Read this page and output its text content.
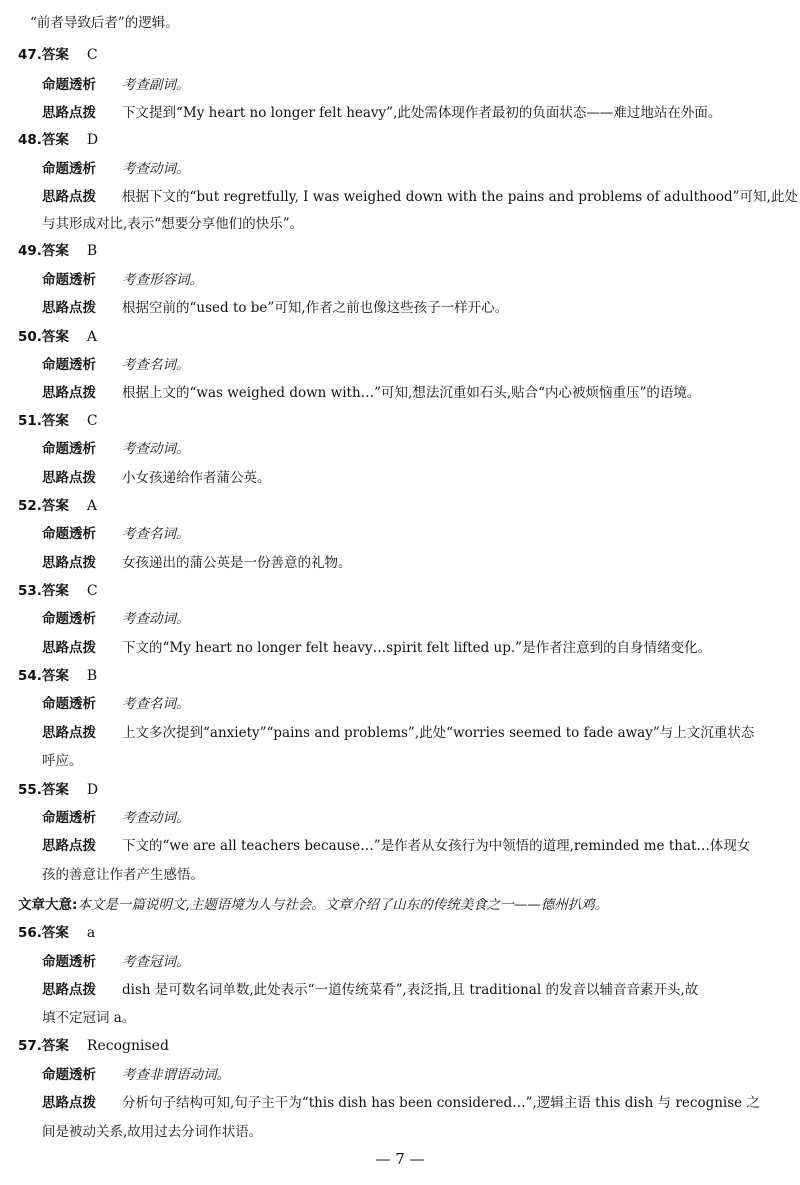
“前者导致后者”的逻辑。
47.答案 C
命题透析 考查副词。
思路点拨 下文提到“My heart no longer felt heavy”,此处需体现作者最初的负面状态——难过地站在外面。
48.答案 D
命题透析 考查动词。
思路点拨 根据下文的“but regretfully, I was weighed down with the pains and problems of adulthood”可知,此处
与其形成对比,表示“想要分享他们的快乐”。
49.答案 B
命题透析 考查形容词。
思路点拨 根据空前的“used to be”可知,作者之前也像这些孩子一样开心。
50.答案 A
命题透析 考查名词。
思路点拨 根据上文的“was weighed down with…”可知,想法沉重如石头,贴合“内心被烦恼重压”的语境。
51.答案 C
命题透析 考查动词。
思路点拨 小女孩递给作者蒲公英。
52.答案 A
命题透析 考查名词。
思路点拨 女孩递出的蒲公英是一份善意的礼物。
53.答案 C
命题透析 考查动词。
思路点拨 下文的“My heart no longer felt heavy…spirit felt lifted up.”是作者注意到的自身情绪变化。
54.答案 B
命题透析 考查名词。
思路点拨 上文多次提到“anxiety”“pains and problems”,此处“worries seemed to fade away”与上文沉重状态
呼应。
55.答案 D
命题透析 考查动词。
思路点拨 下文的“we are all teachers because…”是作者从女孩行为中领悟的道理,reminded me that…体现女
孩的善意让作者产生感悟。
文章大意:本文是一篇说明文,主题语境为人与社会。文章介绍了山东的传统美食之一——德州扒鸡。
56.答案 a
命题透析 考查冠词。
思路点拨 dish 是可数名词单数,此处表示“一道传统菜肴”,表泛指,且 traditional 的发音以辅音音素开头,故
填不定冠词 a。
57.答案 Recognised
命题透析 考查非谓语动词。
思路点拨 分析句子结构可知,句子主干为“this dish has been considered…”,逻辑主语 this dish 与 recognise 之
间是被动关系,故用过去分词作状语。
— 7 —
